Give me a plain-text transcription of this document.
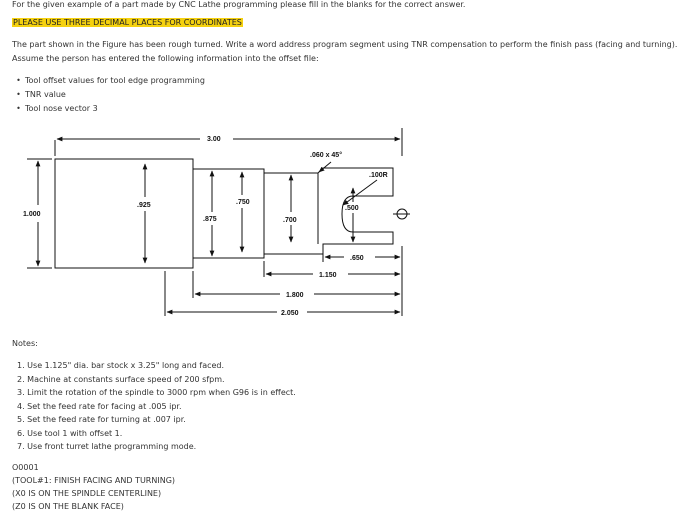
For the given example of a part made by CNC Lathe programming please fill in the blanks for the correct answer.
PLEASE USE THREE DECIMAL PLACES FOR COORDINATES
The part shown in the Figure has been rough turned. Write a word address program segment using TNR compensation to perform the finish pass (facing and turning).
Assume the person has entered the following information into the offset file:
• Tool offset values for tool edge programming
• TNR value
• Tool nose vector 3
3.00
.060 x 45°
.100R
1.000
.925
.875
.750
.700
.500
.650
1.150
1.800
2.050
Notes:
1. Use 1.125" dia. bar stock x 3.25" long and faced.
2. Machine at constants surface speed of 200 sfpm.
3. Limit the rotation of the spindle to 3000 rpm when G96 is in effect.
4. Set the feed rate for facing at .005 ipr.
5. Set the feed rate for turning at .007 ipr.
6. Use tool 1 with offset 1.
7. Use front turret lathe programming mode.
O0001
(TOOL#1: FINISH FACING AND TURNING)
(X0 IS ON THE SPINDLE CENTERLINE)
(Z0 IS ON THE BLANK FACE)
